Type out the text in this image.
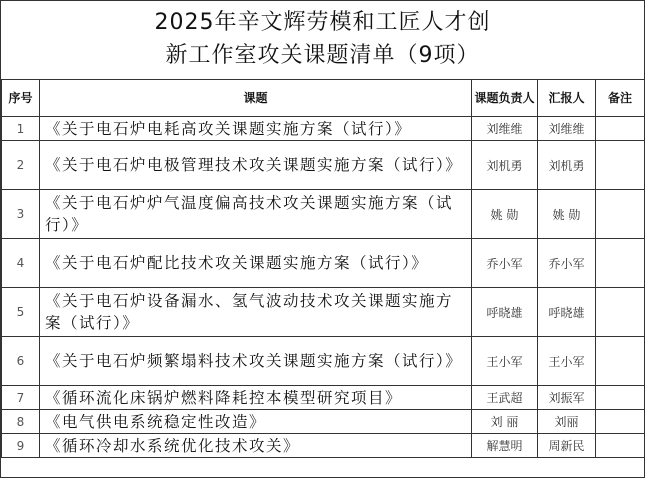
2025年辛文辉劳模和工匠人才创
新工作室攻关课题清单（9项）
序号	课题	课题负责人	汇报人	备注
1	《关于电石炉电耗高攻关课题实施方案（试行）》	刘维维	刘维维	
2	《关于电石炉电极管理技术攻关课题实施方案（试行）》	刘机勇	刘机勇	
3	《关于电石炉炉气温度偏高技术攻关课题实施方案（试行）》	姚 勋	姚 勋	
4	《关于电石炉配比技术攻关课题实施方案（试行）》	乔小军	乔小军	
5	《关于电石炉设备漏水、氢气波动技术攻关课题实施方案（试行）》	呼晓雄	呼晓雄	
6	《关于电石炉频繁塌料技术攻关课题实施方案（试行）》	王小军	王小军	
7	《循环流化床锅炉燃料降耗控本模型研究项目》	王武超	刘振军	
8	《电气供电系统稳定性改造》	刘 丽	刘丽	
9	《循环冷却水系统优化技术攻关》	解慧明	周新民	
